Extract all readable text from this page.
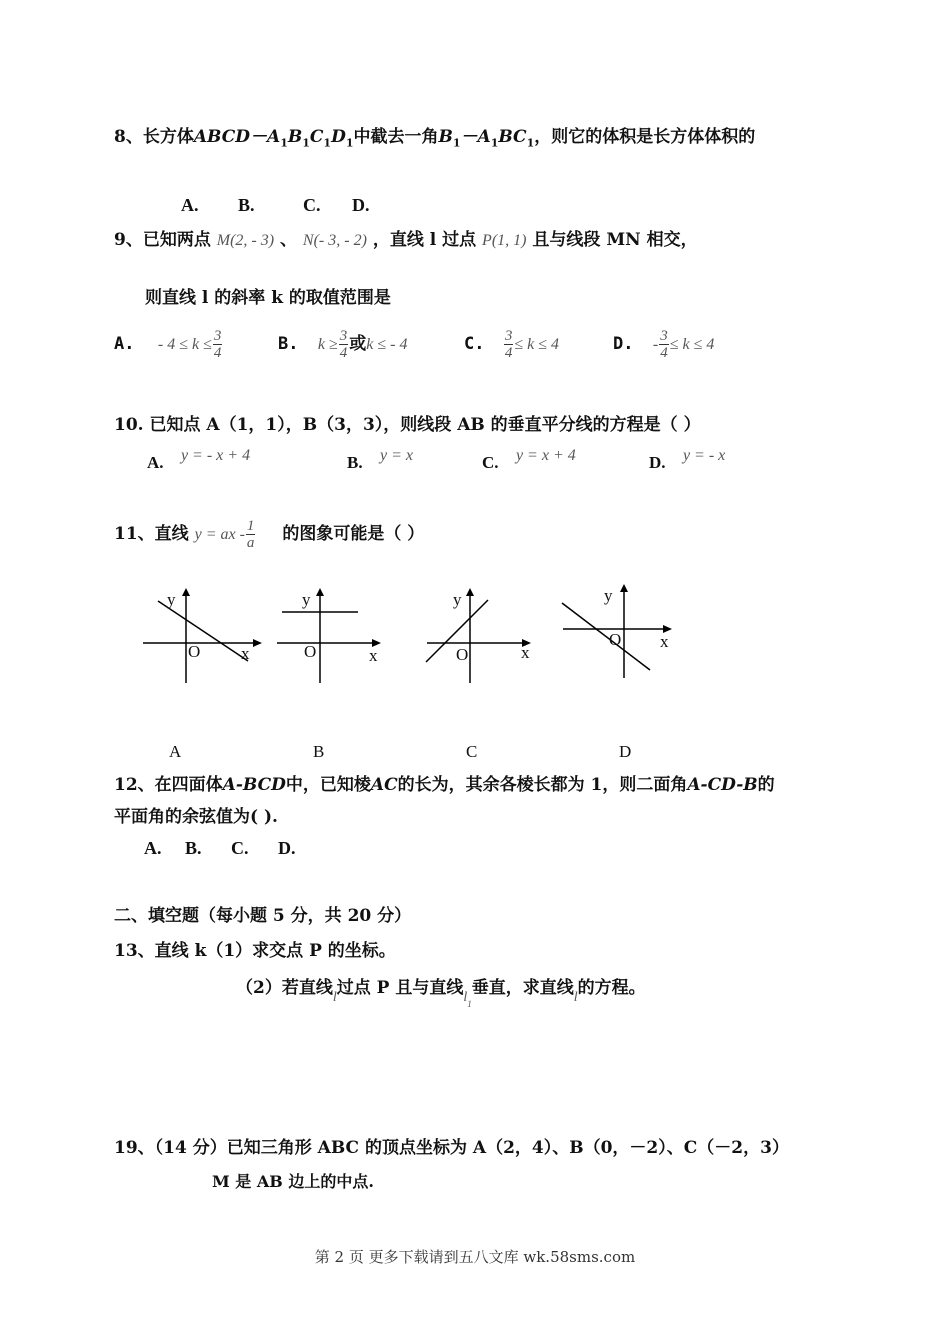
8、长方体$ABCD-A_1B_1C_1D_1$中截去一角$B_1-A_1BC_1$，则它的体积是长方体体积的
A. B.	C. D.
9、已知两点 M(2, - 3) 、 N(- 3, - 2) ，直线 l 过点 P(1, 1) 且与线段 MN 相交，
则直线 l 的斜率 k 的取值范围是
A. - $4 \le k \le \frac{3}{4}$	B. $k \ge \frac{3}{4}$ 或k ≤ - 4	C. $\frac{3}{4} \le k \le 4$	D. - $\frac{3}{4} \le k \le 4$
10. 已知点 A（1，1），B（3，3），则线段 AB 的垂直平分线的方程是（ ）
A. y = - x + 4	B. y = x	C. y = x + 4	D. y = - x
11、直线 y = ax - $\frac{1}{a}$ 的图象可能是（ ）
y
O x
y
O	x
y
O	x
y
O x
A	B	C	D
12、在四面体A-BCD中，已知棱AC的长为，其余各棱长都为 1，则二面角A-CD-B的
平面角的余弦值为( ).
A. B. C. D.
二、填空题（每小题 5 分，共 20 分）
13、直线 k（1）求交点 P 的坐标。
（2）若直线$_l$过点 P 且与直线$_{l1}$垂直，求直线$_l$的方程。
19、（14 分）已知三角形 ABC 的顶点坐标为 A（2，4）、B（0，－2）、C（－2，3）
M 是 AB 边上的中点.
第 2 页 更多下载请到五八文库 wk.58sms.com
